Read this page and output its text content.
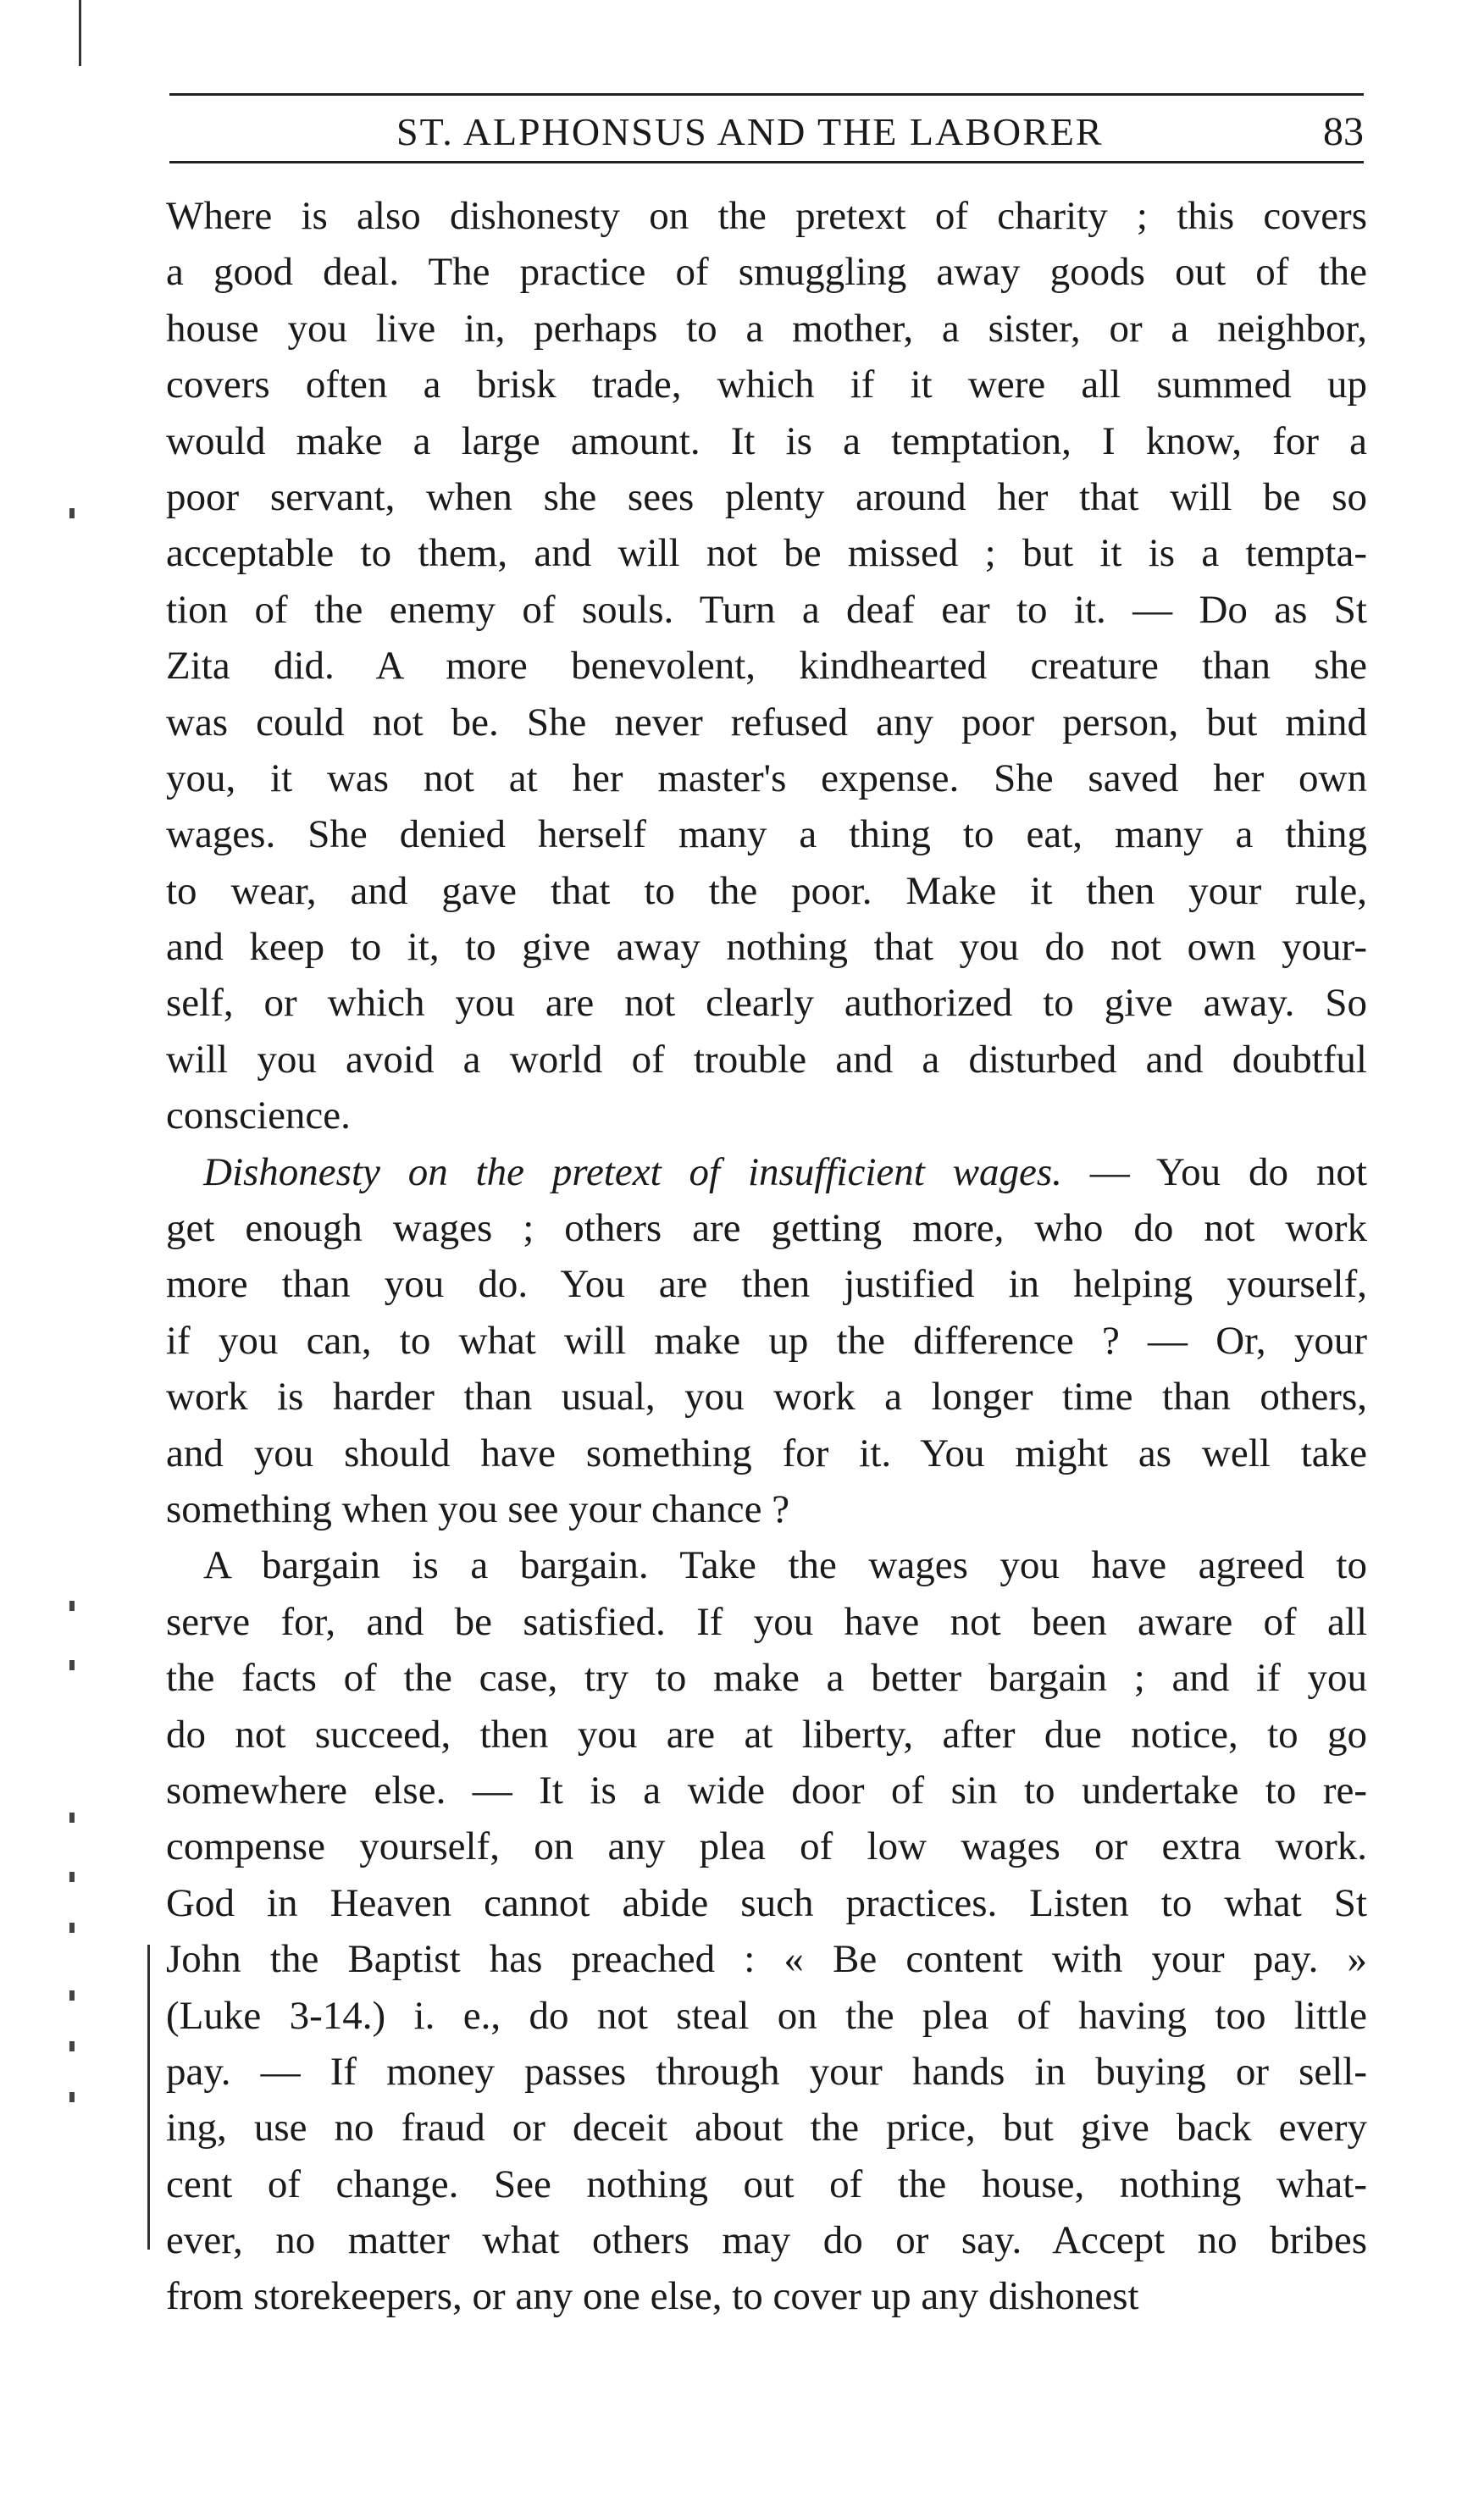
ST. ALPHONSUS AND THE LABORER	83
Where is also dishonesty on the pretext of charity ; this covers
a good deal. The practice of smuggling away goods out of the
house you live in, perhaps to a mother, a sister, or a neighbor,
covers often a brisk trade, which if it were all summed up
would make a large amount. It is a temptation, I know, for a
poor servant, when she sees plenty around her that will be so
acceptable to them, and will not be missed ; but it is a tempta-
tion of the enemy of souls. Turn a deaf ear to it. — Do as St
Zita did. A more benevolent, kindhearted creature than she
was could not be. She never refused any poor person, but mind
you, it was not at her master's expense. She saved her own
wages. She denied herself many a thing to eat, many a thing
to wear, and gave that to the poor. Make it then your rule,
and keep to it, to give away nothing that you do not own your-
self, or which you are not clearly authorized to give away. So
will you avoid a world of trouble and a disturbed and doubtful
conscience.
Dishonesty on the pretext of insufficient wages. — You do not
get enough wages ; others are getting more, who do not work
more than you do. You are then justified in helping yourself,
if you can, to what will make up the difference ? — Or, your
work is harder than usual, you work a longer time than others,
and you should have something for it. You might as well take
something when you see your chance ?
A bargain is a bargain. Take the wages you have agreed to
serve for, and be satisfied. If you have not been aware of all
the facts of the case, try to make a better bargain ; and if you
do not succeed, then you are at liberty, after due notice, to go
somewhere else. — It is a wide door of sin to undertake to re-
compense yourself, on any plea of low wages or extra work.
God in Heaven cannot abide such practices. Listen to what St
John the Baptist has preached : « Be content with your pay. »
(Luke 3-14.) i. e., do not steal on the plea of having too little
pay. — If money passes through your hands in buying or sell-
ing, use no fraud or deceit about the price, but give back every
cent of change. See nothing out of the house, nothing what-
ever, no matter what others may do or say. Accept no bribes
from storekeepers, or any one else, to cover up any dishonest
